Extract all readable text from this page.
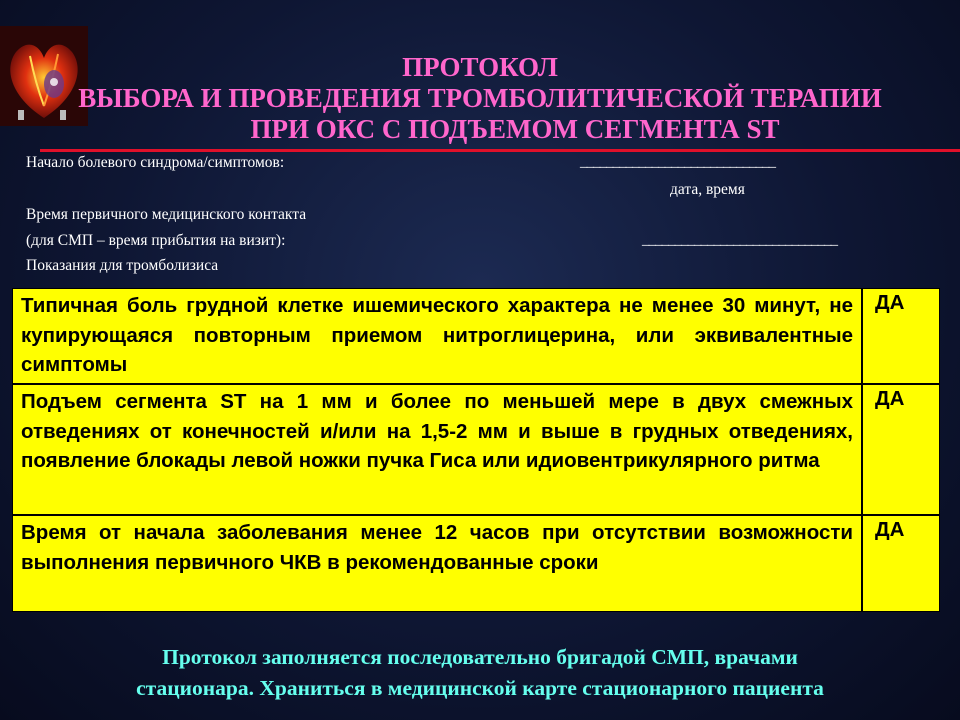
ПРОТОКОЛ
ВЫБОРА И ПРОВЕДЕНИЯ ТРОМБОЛИТИЧЕСКОЙ ТЕРАПИИ
ПРИ ОКС С ПОДЪЕМОМ СЕГМЕНТА ST
Начало болевого синдрома/симптомов:	______________________________
дата, время
Время первичного медицинского контакта
(для СМП – время прибытия на визит):	______________________________
Показания для тромболизиса
Типичная боль грудной клетке ишемического характера не менее 30 минут, не купирующаяся повторным приемом нитроглицерина, или эквивалентные симптомы
ДА
Подъем сегмента ST на 1 мм и более по меньшей мере в двух смежных отведениях от конечностей и/или на 1,5-2 мм и выше в грудных отведениях, появление блокады левой ножки пучка Гиса или идиовентрикулярного ритма
ДА
Время от начала заболевания менее 12 часов при отсутствии возможности выполнения первичного ЧКВ в рекомендованные сроки
ДА
Протокол заполняется последовательно бригадой СМП, врачами
стационара. Храниться в медицинской карте стационарного пациента
